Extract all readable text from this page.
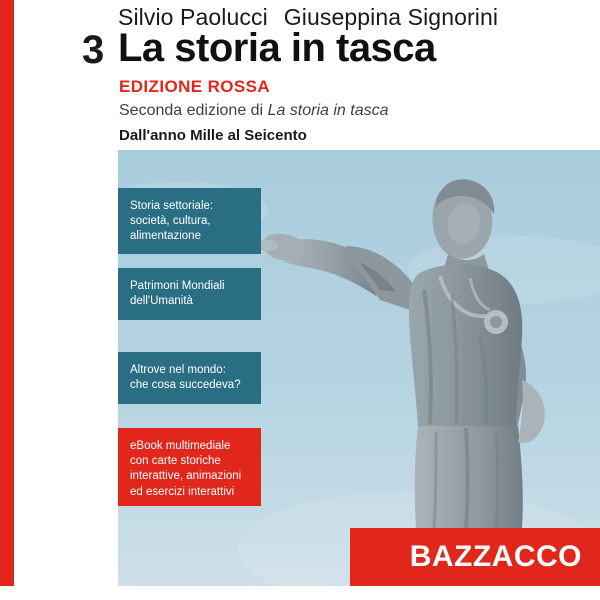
Silvio Paolucci Giuseppina Signorini
3 La storia in tasca
EDIZIONE ROSSA
Seconda edizione di La storia in tasca
Dall'anno Mille al Seicento
Storia settoriale:
società, cultura,
alimentazione
Patrimoni Mondiali
dell'Umanità
Altrove nel mondo:
che cosa succedeva?
eBook multimediale
con carte storiche
interattive, animazioni
ed esercizi interattivi
BAZZACCO
